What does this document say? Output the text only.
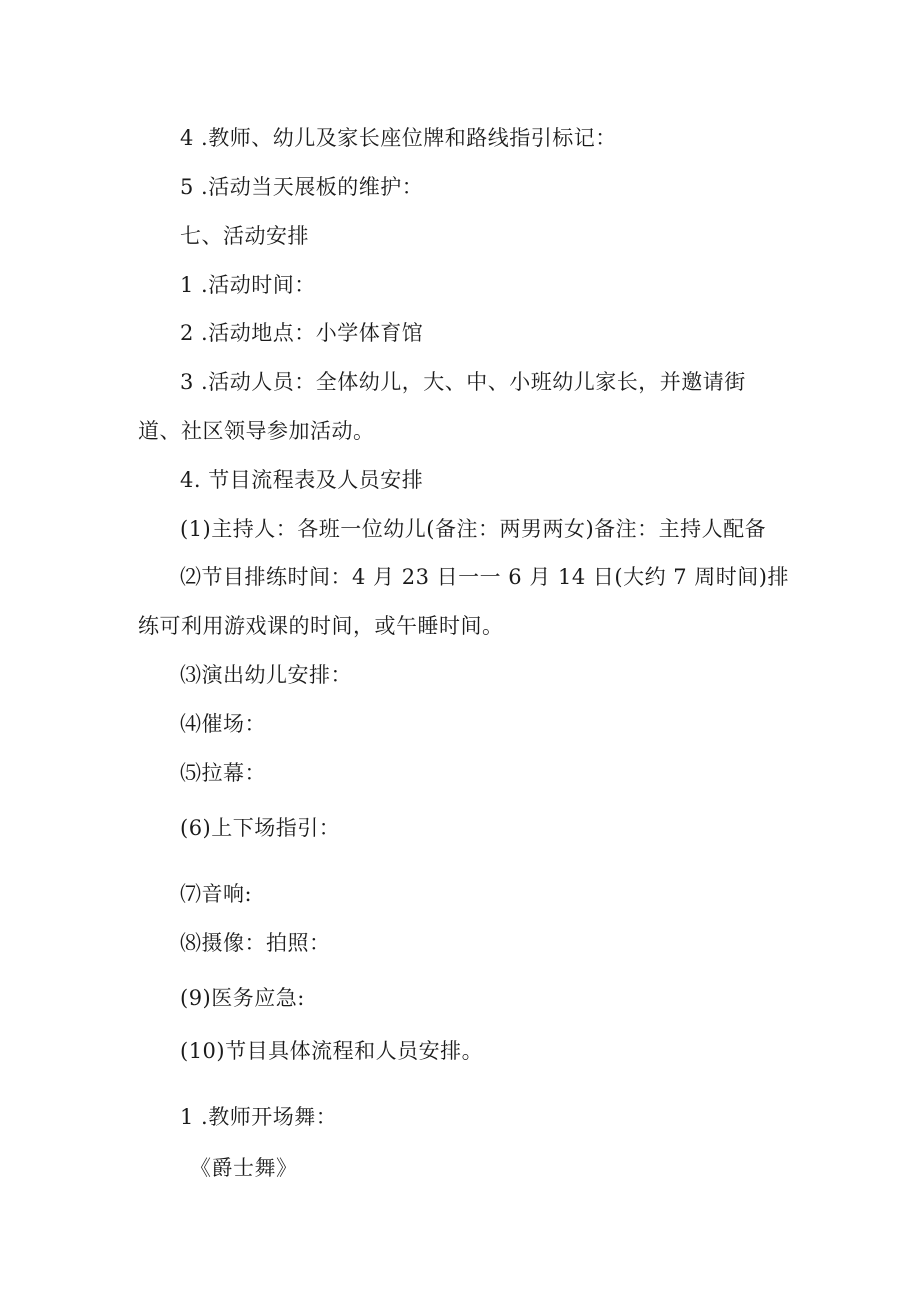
4 .教师、幼儿及家长座位牌和路线指引标记：
5 .活动当天展板的维护：
七、活动安排
1 .活动时间：
2 .活动地点：小学体育馆
3 .活动人员：全体幼儿，大、中、小班幼儿家长，并邀请街
道、社区领导参加活动。
4. 节目流程表及人员安排
(1)主持人：各班一位幼儿(备注：两男两女)备注：主持人配备
⑵节目排练时间：4 月 23 日一一 6 月 14 日(大约 7 周时间)排
练可利用游戏课的时间，或午睡时间。
⑶演出幼儿安排：
⑷催场：
⑸拉幕：
(6)上下场指引：
⑺音响:
⑻摄像：拍照：
(9)医务应急:
(10)节目具体流程和人员安排。
1 .教师开场舞：
《爵士舞》
